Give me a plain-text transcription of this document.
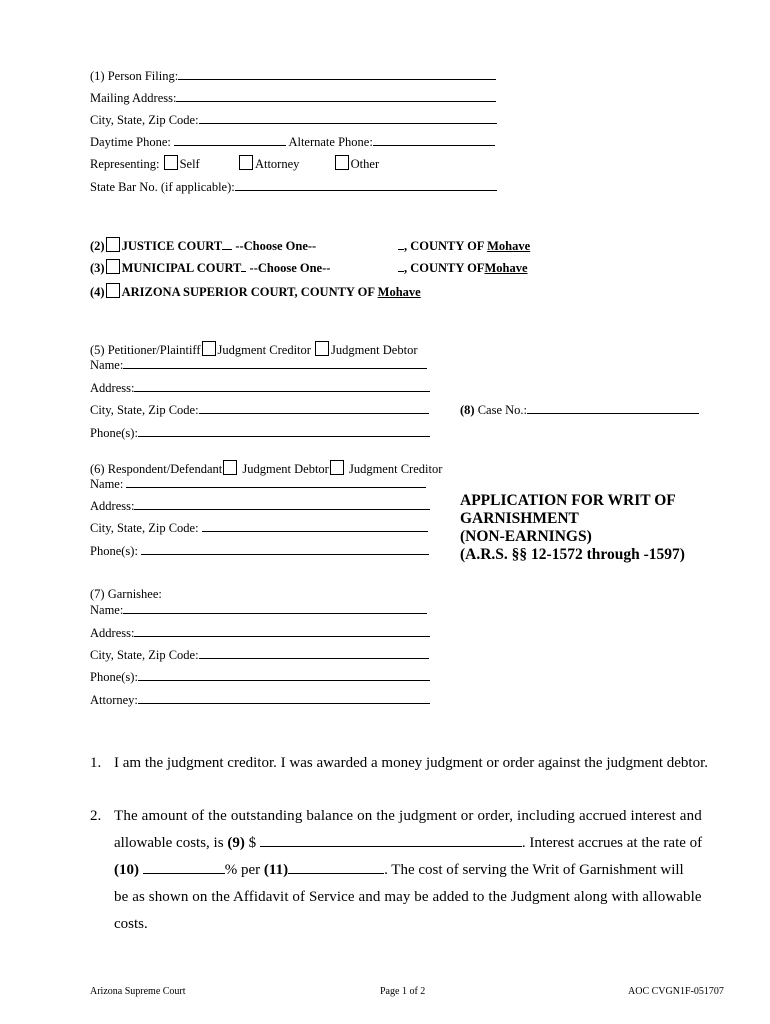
(1) Person Filing:
Mailing Address:
City, State, Zip Code:
Daytime Phone:	Alternate Phone:
Representing: Self	Attorney	Other
State Bar No. (if applicable):
(2) JUSTICE COURT --Choose One--	, COUNTY OF Mohave
(3) MUNICIPAL COURT --Choose One--	, COUNTY OFMohave
(4) ARIZONA SUPERIOR COURT, COUNTY OF Mohave
(5) Petitioner/Plaintiff Judgment Creditor Judgment Debtor
Name:
Address:
City, State, Zip Code:
Phone(s):
(8) Case No.:
(6) Respondent/Defendant Judgment Debtor Judgment Creditor
Name:
Address:
City, State, Zip Code:
Phone(s):
APPLICATION FOR WRIT OF
GARNISHMENT
(NON-EARNINGS)
(A.R.S. §§ 12-1572 through -1597)
(7) Garnishee:
Name:
Address:
City, State, Zip Code:
Phone(s):
Attorney:
1. I am the judgment creditor. I was awarded a money judgment or order against the judgment debtor.
2. The amount of the outstanding balance on the judgment or order, including accrued interest and
allowable costs, is (9) $	. Interest accrues at the rate of
(10)	% per (11)	. The cost of serving the Writ of Garnishment will
be as shown on the Affidavit of Service and may be added to the Judgment along with allowable
costs.
Arizona Supreme Court	Page 1 of 2	AOC CVGN1F-051707
